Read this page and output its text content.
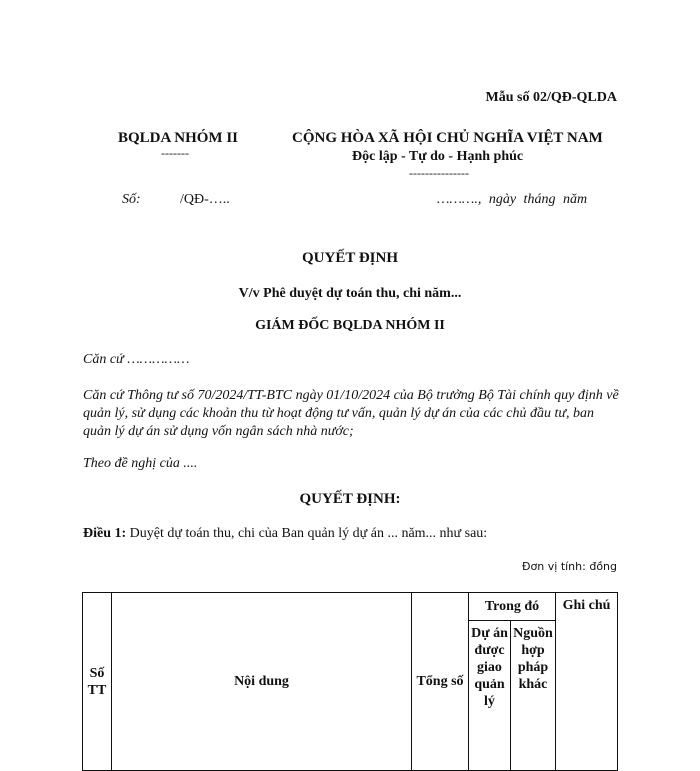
Mẫu số 02/QĐ-QLDA
BQLDA NHÓM II
-------
CỘNG HÒA XÃ HỘI CHỦ NGHĨA VIỆT NAM
Độc lập - Tự do - Hạnh phúc
---------------
Số:	/QĐ-…..	………., ngày tháng năm
QUYẾT ĐỊNH
V/v Phê duyệt dự toán thu, chi năm...
GIÁM ĐỐC BQLDA NHÓM II
Căn cứ ……………
Căn cứ Thông tư số 70/2024/TT-BTC ngày 01/10/2024 của Bộ trưởng Bộ Tài chính quy định về quản lý, sử dụng các khoản thu từ hoạt động tư vấn, quản lý dự án của các chủ đầu tư, ban quản lý dự án sử dụng vốn ngân sách nhà nước;
Theo đề nghị của ....
QUYẾT ĐỊNH:
Điều 1: Duyệt dự toán thu, chi của Ban quản lý dự án ... năm... như sau:
Đơn vị tính: đồng
Số TT	Nội dung	Tổng số	Trong đó		Ghi chú
			Dự án được giao quản lý	Nguồn hợp pháp khác	
